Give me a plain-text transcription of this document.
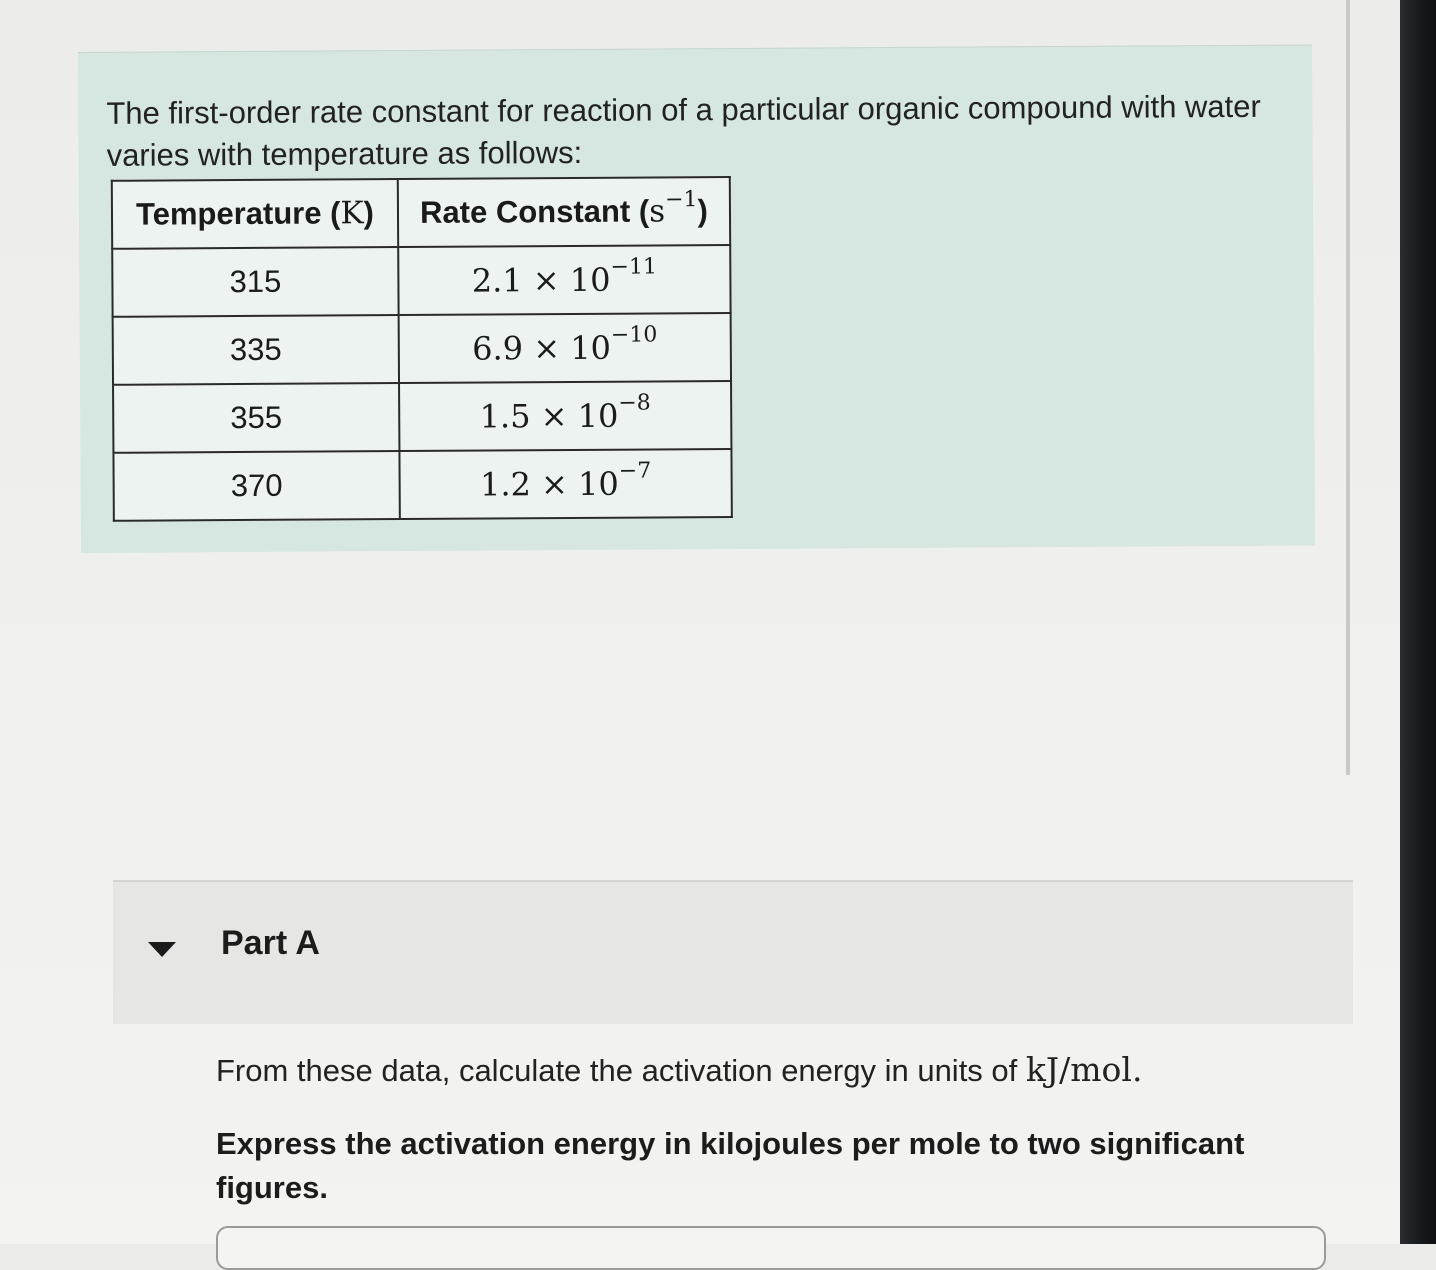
The first-order rate constant for reaction of a particular organic compound with water varies with temperature as follows:

Temperature (K)	Rate Constant $(s^{-1})$
315	$2.1 \times 10^{-11}$
335	$6.9 \times 10^{-10}$
355	$1.5 \times 10^{-8}$
370	$1.2 \times 10^{-7}$
Part A

From these data, calculate the activation energy in units of kJ/mol.

Express the activation energy in kilojoules per mole to two significant figures.
